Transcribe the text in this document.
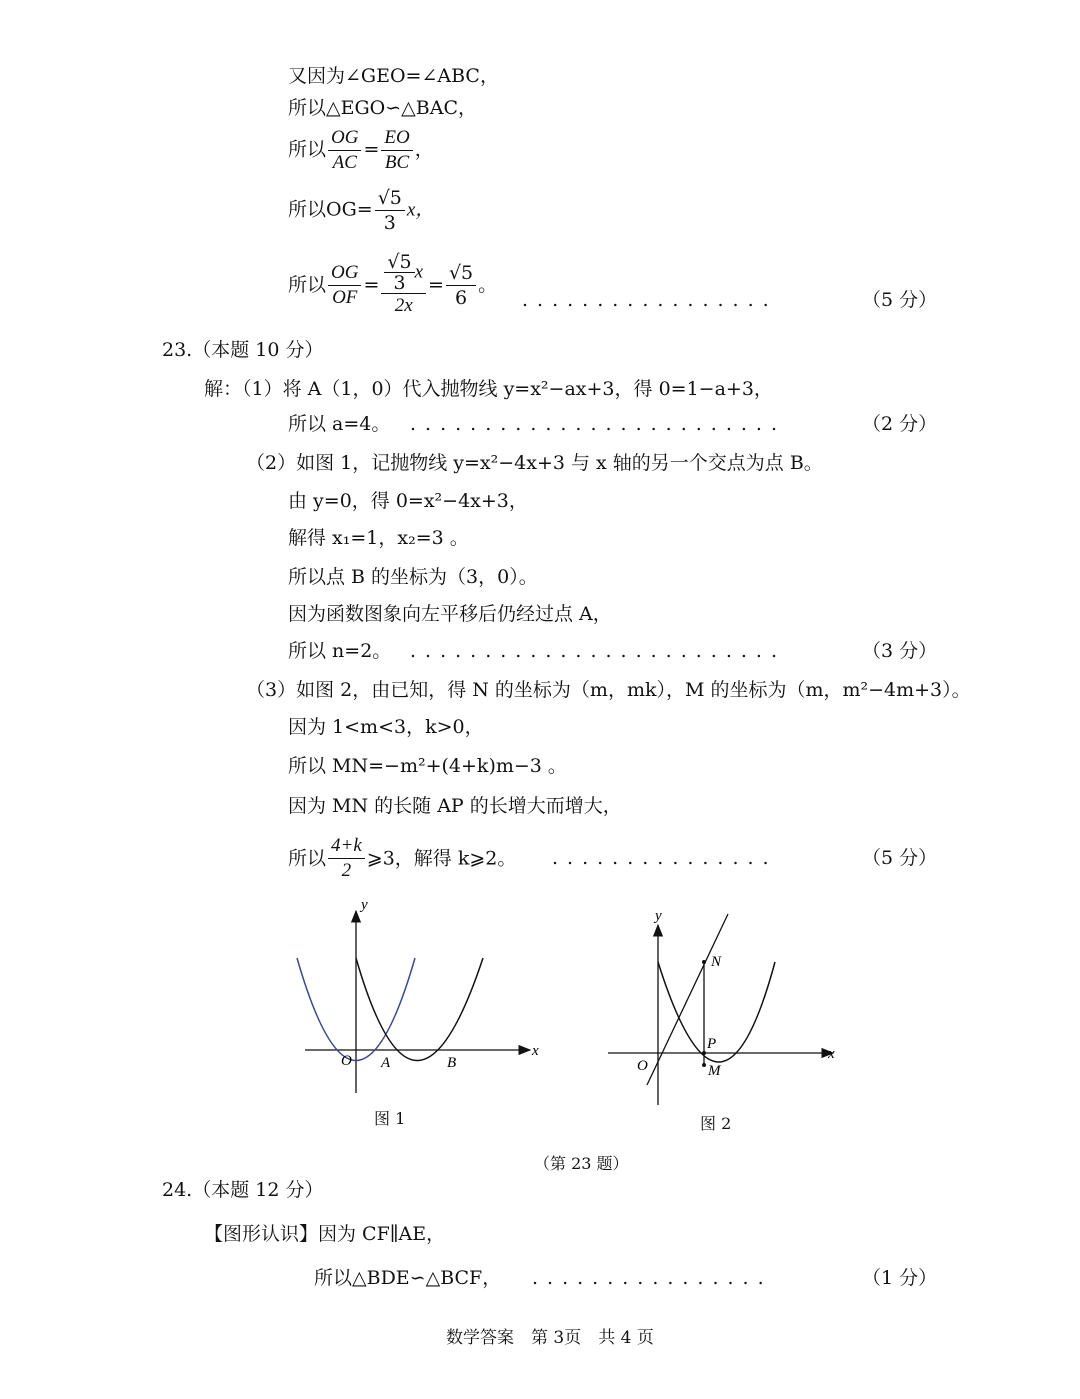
又因为∠GEO=∠ABC，
所以△EGO∽△BAC，
所以 $\frac{OG}{AC} = \frac{EO}{BC}$ ，
所以$OG= \frac{√5}{3}$ x，
所以 $\frac{OG}{OF} = \frac{\frac{√5}{3} x}{2x} = \frac{√5}{6}$ 。
.................	（5 分）
23.（本题 10 分）
解：（1）将 A（1，0）代入抛物线 y=x²−ax+3，得 0=1−a+3，
所以 a=4。 .........................	（2 分）
（2）如图 1，记抛物线 y=x²−4x+3 与 x 轴的另一个交点为点 B。
由 y=0，得 0=x²−4x+3，
解得 x₁=1，x₂=3 。
所以点 B 的坐标为（3，0）。
因为函数图象向左平移后仍经过点 A，
所以 n=2。 .........................	（3 分）
（3）如图 2，由已知，得 N 的坐标为（m，mk），M 的坐标为（m，m²−4m+3）。
因为 1<m<3，k>0，
所以 MN=−m²+(4+k)m−3 。
因为 MN 的长随 AP 的长增大而增大，
所以 $\frac{4+k}{2}$ ⩾3，解得 k⩾2。 ...............	（5 分）
y
x
O A	B
图 1
y
x
O
N
P
M
图 2
（第 23 题）
24.（本题 12 分）
【图形认识】因为 CF∥AE，
所以△BDE∽△BCF， ................	（1 分）
数学答案　第 3页　共 4 页
